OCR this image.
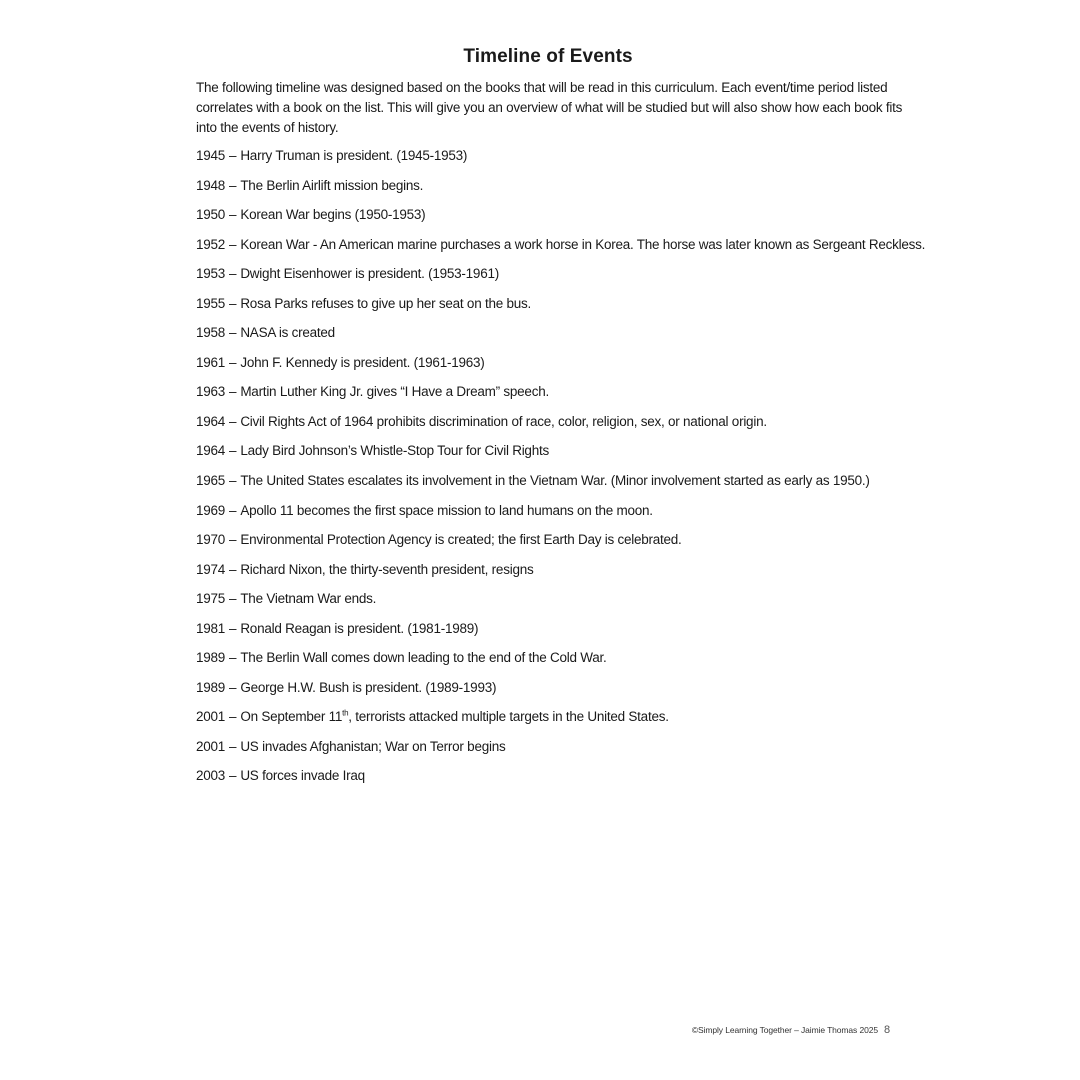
Timeline of Events
The following timeline was designed based on the books that will be read in this curriculum. Each event/time period listed correlates with a book on the list. This will give you an overview of what will be studied but will also show how each book fits into the events of history.
1945 – Harry Truman is president. (1945-1953)
1948 – The Berlin Airlift mission begins.
1950 – Korean War begins (1950-1953)
1952 – Korean War - An American marine purchases a work horse in Korea. The horse was later known as Sergeant Reckless.
1953 – Dwight Eisenhower is president. (1953-1961)
1955 – Rosa Parks refuses to give up her seat on the bus.
1958 – NASA is created
1961 – John F. Kennedy is president. (1961-1963)
1963 – Martin Luther King Jr. gives “I Have a Dream” speech.
1964 – Civil Rights Act of 1964 prohibits discrimination of race, color, religion, sex, or national origin.
1964 – Lady Bird Johnson’s Whistle-Stop Tour for Civil Rights
1965 – The United States escalates its involvement in the Vietnam War. (Minor involvement started as early as 1950.)
1969 – Apollo 11 becomes the first space mission to land humans on the moon.
1970 – Environmental Protection Agency is created; the first Earth Day is celebrated.
1974 – Richard Nixon, the thirty-seventh president, resigns
1975 – The Vietnam War ends.
1981 – Ronald Reagan is president. (1981-1989)
1989 – The Berlin Wall comes down leading to the end of the Cold War.
1989 – George H.W. Bush is president. (1989-1993)
2001 – On September 11th, terrorists attacked multiple targets in the United States.
2001 – US invades Afghanistan; War on Terror begins
2003 – US forces invade Iraq
©Simply Learning Together – Jaimie Thomas 2025 8
